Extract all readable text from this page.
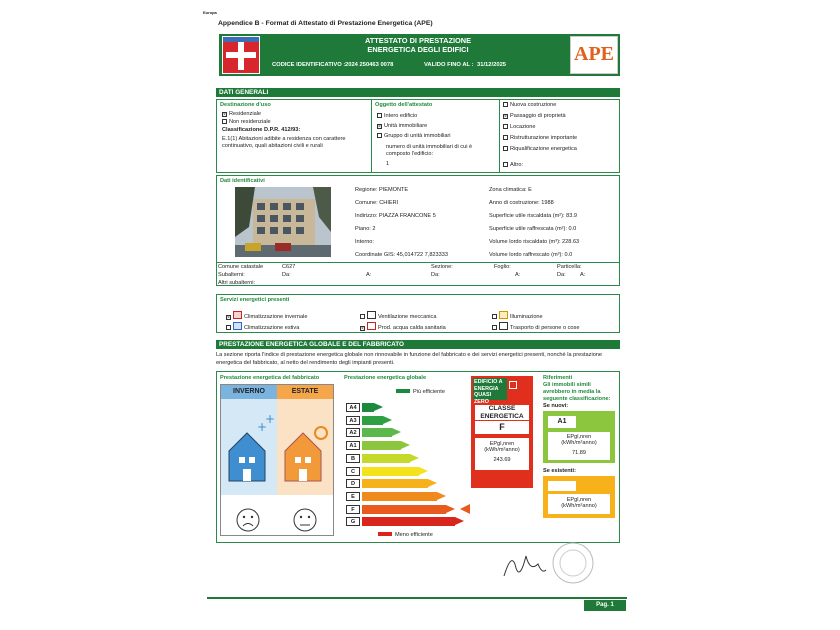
Europa
Appendice B - Format di Attestato di Prestazione Energetica (APE)
ATTESTATO DI PRESTAZIONE
ENERGETICA DEGLI EDIFICI
CODICE IDENTIFICATIVO : 2024 250463 0078	VALIDO FINO AL : 31/12/2025	APE
DATI GENERALI
Destinazione d'uso
× Residenziale
Non residenziale
Classificazione D.P.R. 412/93:
E.1(1) Abitazioni adibite a residenza con carattere continuativo, quali abitazioni civili e rurali
Oggetto dell'attestato
Intero edificio
× Unità immobiliare
Gruppo di unità immobiliari
numero di unità immobiliari di cui è composto l'edificio:
1
Nuova costruzione
× Passaggio di proprietà
Locazione
Ristrutturazione importante
Riqualificazione energetica
Altro:
Dati identificativi
Regione: PIEMONTE
Comune: CHIERI
Indirizzo: PIAZZA FRANCONE 5
Piano: 2
Interno:
Coordinate GIS: 45,014722 7,823333
Zona climatica: E
Anno di costruzione: 1988
Superficie utile riscaldata (m²): 83.9
Superficie utile raffrescata (m²): 0.0
Volume lordo riscaldato (m³): 228.63
Volume lordo raffrescato (m³): 0.0
Comune catastale	C627	Sezione:	Foglio:	Particella:
Subalterni:	Da:	A:	Da:	A:	Da:	A:
Altri subalterni:
Servizi energetici presenti
×	Climatizzazione invernale
Climatizzazione estiva
Ventilazione meccanica
×	Prod. acqua calda sanitaria
Illuminazione
Trasporto di persone o cose
PRESTAZIONE ENERGETICA GLOBALE E DEL FABBRICATO
La sezione riporta l'indice di prestazione energetica globale non rinnovabile in funzione del fabbricato e dei servizi energetici presenti, nonché la prestazione energetica del fabbricato, al netto del rendimento degli impianti presenti.
Prestazione energetica del fabbricato
INVERNO	ESTATE
+
+
Prestazione energetica globale
Più efficiente
A4
A3
A2
A1
B
C
D
E
F
G
Meno efficiente
EDIFICIO A ENERGIA QUASI ZERO
CLASSE ENERGETICA
F
EPgl,nren
(kWh/m²anno)
243.69
Riferimenti
Gli immobili simili avrebbero in media la seguente classificazione:
Se nuovi:
A1
EPgl,nren
(kWh/m²anno)
71.89
Se esistenti:
EPgl,nren
(kWh/m²anno)
Pag. 1
